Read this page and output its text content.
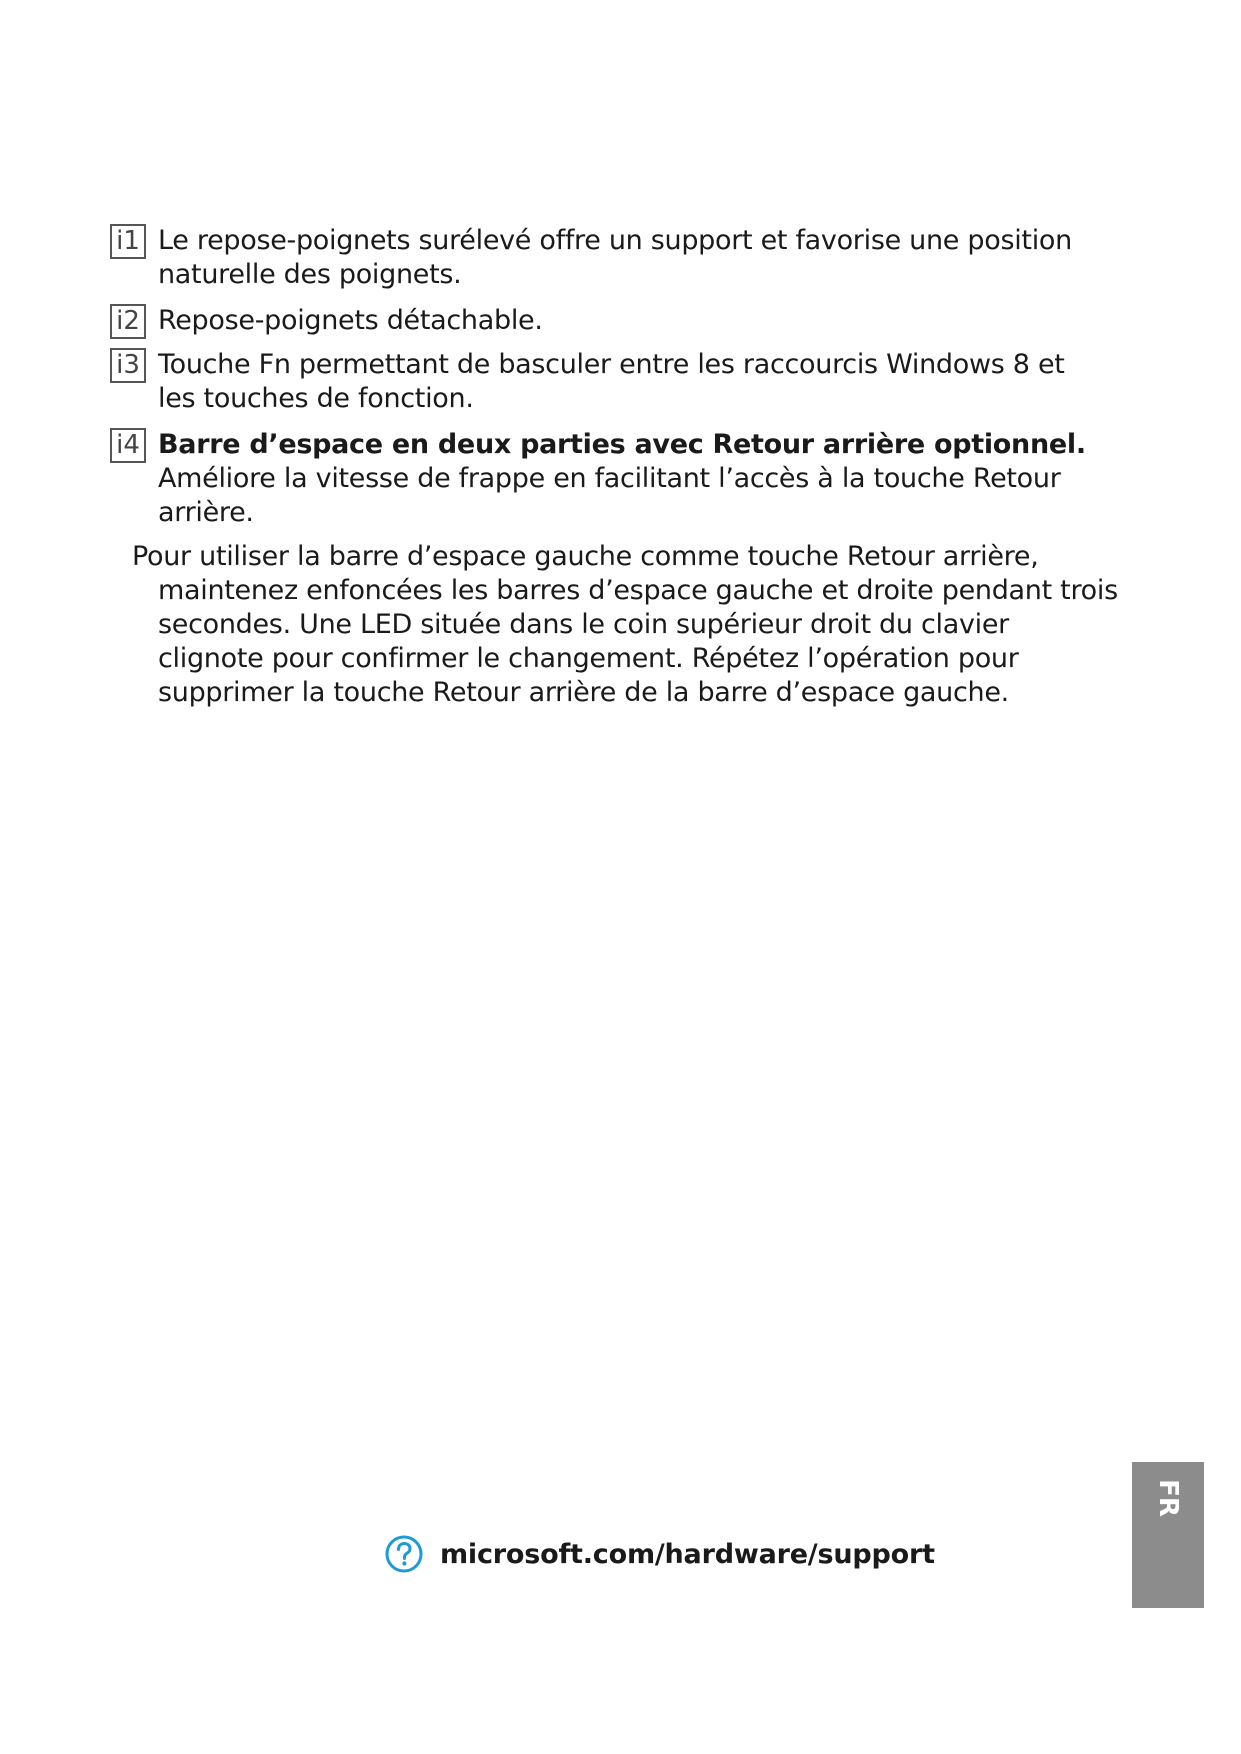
i1 Le repose-poignets surélevé offre un support et favorise une position naturelle des poignets.
i2 Repose-poignets détachable.
i3 Touche Fn permettant de basculer entre les raccourcis Windows 8 et les touches de fonction.
i4 Barre d’espace en deux parties avec Retour arrière optionnel.
Améliore la vitesse de frappe en facilitant l’accès à la touche Retour arrière.
Pour utiliser la barre d’espace gauche comme touche Retour arrière, maintenez enfoncées les barres d’espace gauche et droite pendant trois secondes. Une LED située dans le coin supérieur droit du clavier clignote pour confirmer le changement. Répétez l’opération pour supprimer la touche Retour arrière de la barre d’espace gauche.
microsoft.com/hardware/support
FR
